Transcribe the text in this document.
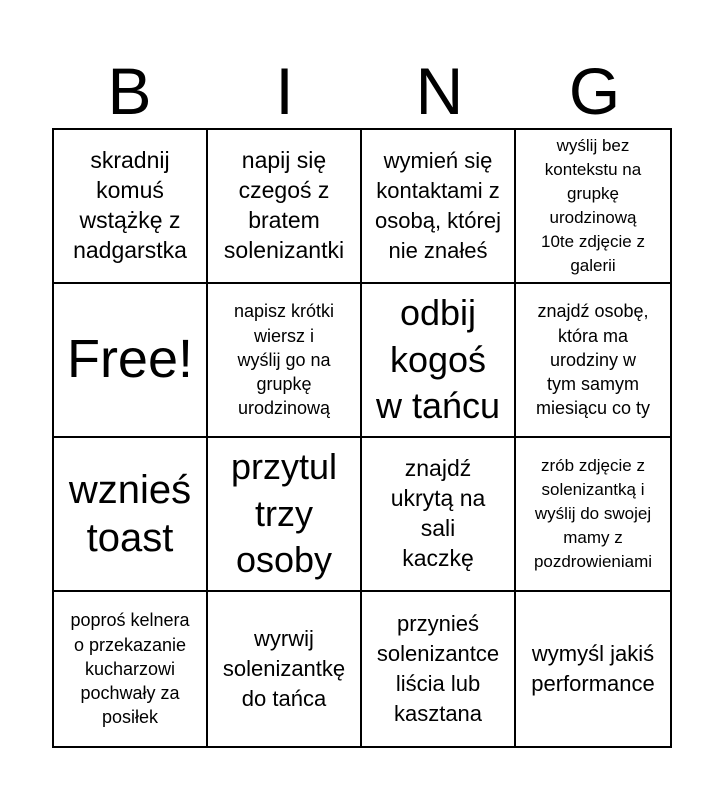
B	I	N	G
skradnij
komuś
wstążkę z
nadgarstka
napij się
czegoś z
bratem
solenizantki
wymień się
kontaktami z
osobą, której
nie znałeś
wyślij bez
kontekstu na
grupkę
urodzinową
10te zdjęcie z
galerii
Free!
napisz krótki
wiersz i
wyślij go na
grupkę
urodzinową
odbij
kogoś
w tańcu
znajdź osobę,
która ma
urodziny w
tym samym
miesiącu co ty
wznieś
toast
przytul
trzy
osoby
znajdź
ukrytą na
sali
kaczkę
zrób zdjęcie z
solenizantką i
wyślij do swojej
mamy z
pozdrowieniami
poproś kelnera
o przekazanie
kucharzowi
pochwały za
posiłek
wyrwij
solenizantkę
do tańca
przynieś
solenizantce
liścia lub
kasztana
wymyśl jakiś
performance
